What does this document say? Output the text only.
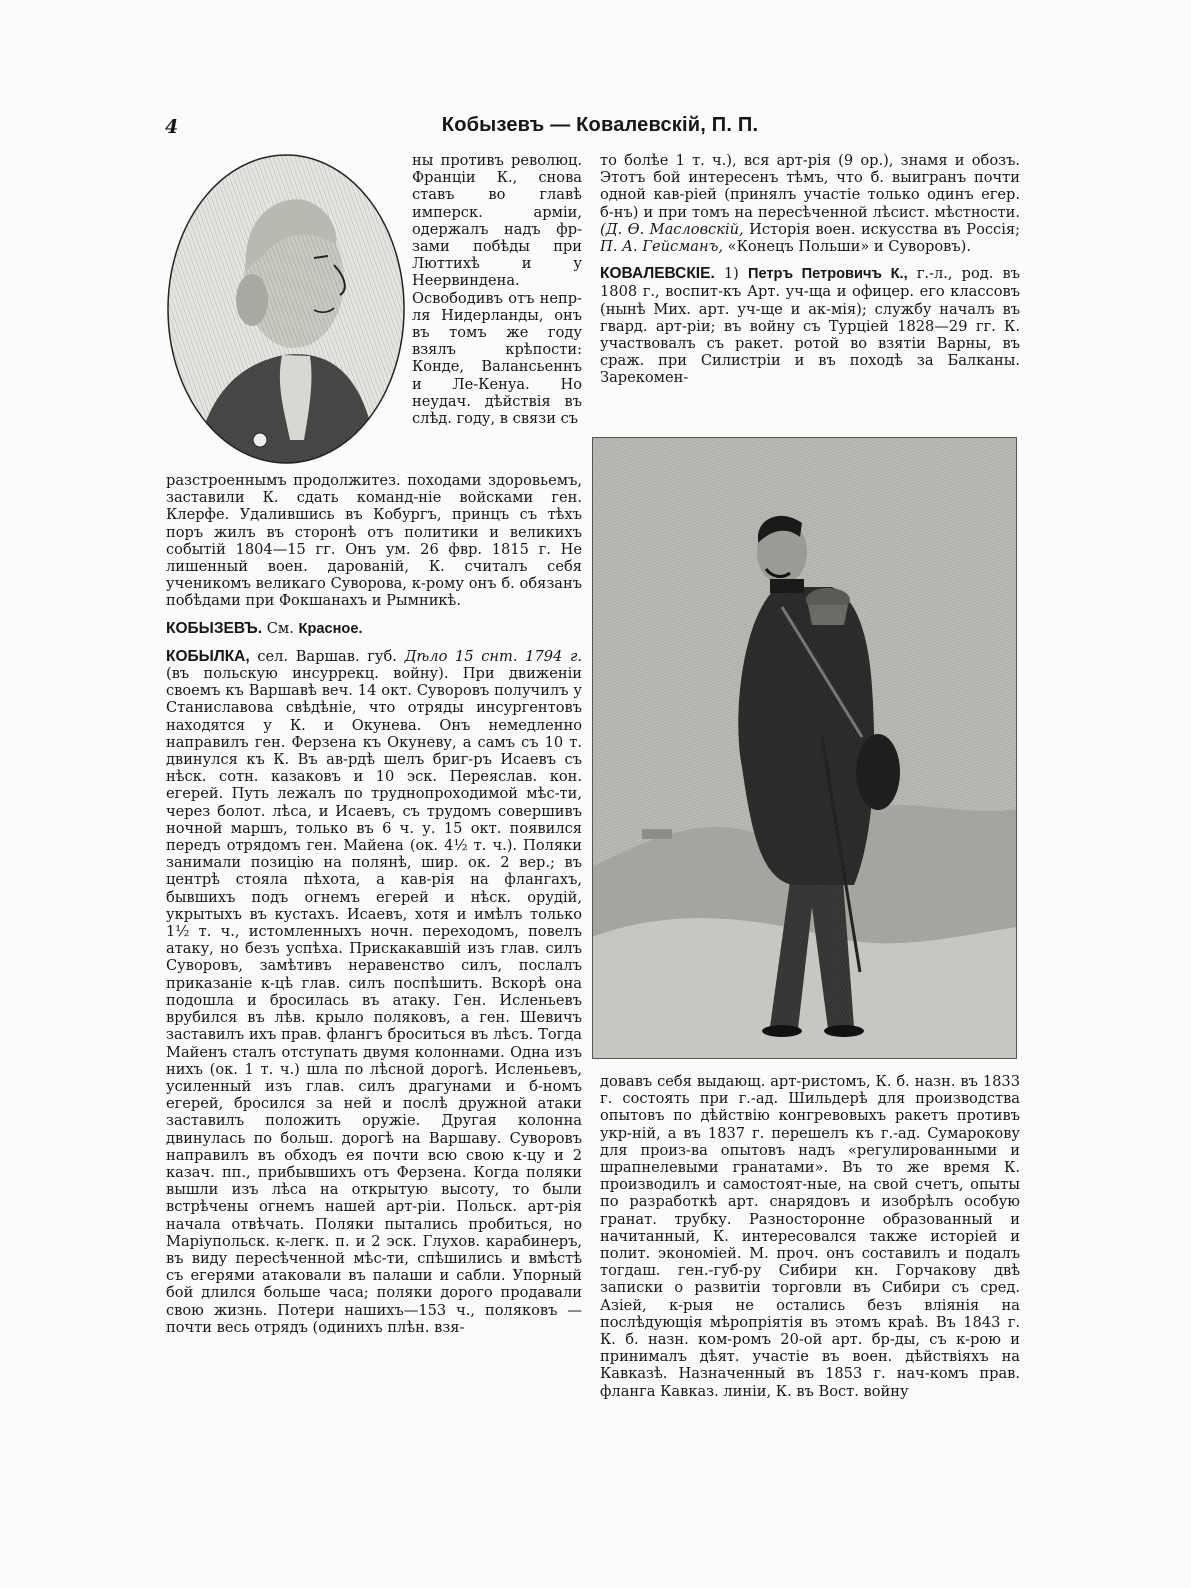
4	Кобызевъ — Ковалевскій, П. П.

ны противъ революц. Франціи К., снова ставъ во главѣ имперск. арміи, одержалъ надъ фр-зами побѣды при Люттихѣ и у Неервиндена. Освободивъ отъ непр-ля Нидерланды, онъ въ томъ же году взялъ крѣпости: Конде, Валансьеннъ и Ле-Кенуа. Но неудач. дѣйствія въ слѣд. году, в связи съ

разстроеннымъ продолжитез. походами здоровьемъ, заставили К. сдать команд-ніе войсками ген. Клерфе. Удалившись въ Кобургъ, принцъ съ тѣхъ поръ жилъ въ сторонѣ отъ политики и великихъ событій 1804—15 гг. Онъ ум. 26 фвр. 1815 г. Не лишенный воен. дарованій, К. считалъ себя ученикомъ великаго Суворова, к-рому онъ б. обязанъ побѣдами при Фокшанахъ и Рымникѣ.

КОБЫЗЕВЪ. См. Красное.

КОБЫЛКА, сел. Варшав. губ. Дѣло 15 снт. 1794 г. (въ польскую инсуррекц. войну). При движеніи своемъ къ Варшавѣ веч. 14 окт. Суворовъ получилъ у Станиславова свѣдѣніе, что отряды инсургентовъ находятся у К. и Окунева. Онъ немедленно направилъ ген. Ферзена къ Окуневу, а самъ съ 10 т. двинулся къ К. Въ ав-рдѣ шелъ бриг-ръ Исаевъ съ нѣск. сотн. казаковъ и 10 эск. Переяслав. кон. егерей. Путь лежалъ по труднопроходимой мѣс-ти, через болот. лѣса, и Исаевъ, съ трудомъ совершивъ ночной маршъ, только въ 6 ч. у. 15 окт. появился передъ отрядомъ ген. Майена (ок. 4½ т. ч.). Поляки занимали позицію на полянѣ, шир. ок. 2 вер.; въ центрѣ стояла пѣхота, а кав-рія на флангахъ, бывшихъ подъ огнемъ егерей и нѣск. орудій, укрытыхъ въ кустахъ. Исаевъ, хотя и имѣлъ только 1½ т. ч., истомленныхъ ночн. переходомъ, повелъ атаку, но безъ успѣха. Прискакавшій изъ глав. силъ Суворовъ, замѣтивъ неравенство силъ, послалъ приказаніе к-цѣ глав. силъ поспѣшить. Вскорѣ она подошла и бросилась въ атаку. Ген. Исленьевъ врубился въ лѣв. крыло поляковъ, а ген. Шевичъ заставилъ ихъ прав. флангъ броситься въ лѣсъ. Тогда Майенъ сталъ отступать двумя колоннами. Одна изъ нихъ (ок. 1 т. ч.) шла по лѣсной дорогѣ. Исленьевъ, усиленный изъ глав. силъ драгунами и б-номъ егерей, бросился за ней и послѣ дружной атаки заставилъ положить оружіе. Другая колонна двинулась по больш. дорогѣ на Варшаву. Суворовъ направилъ въ обходъ ея почти всю свою к-цу и 2 казач. пп., прибывшихъ отъ Ферзена. Когда поляки вышли изъ лѣса на открытую высоту, то были встрѣчены огнемъ нашей арт-ріи. Польск. арт-рія начала отвѣчать. Поляки пытались пробиться, но Маріупольск. к-легк. п. и 2 эск. Глухов. карабинеръ, въ виду пересѣченной мѣс-ти, спѣшились и вмѣстѣ съ егерями атаковали въ палаши и сабли. Упорный бой длился больше часа; поляки дорого продавали свою жизнь. Потери нашихъ—153 ч., поляковъ —почти весь отрядъ (одинихъ плѣн. взя-

то болѣе 1 т. ч.), вся арт-рія (9 ор.), знамя и обозъ. Этотъ бой интересенъ тѣмъ, что б. выигранъ почти одной кав-ріей (принялъ участіе только одинъ егер. б-нъ) и при томъ на пересѣченной лѣсист. мѣстности. (Д. Ѳ. Масловскій, Исторія воен. искусства въ Россія; П. А. Гейсманъ, «Конецъ Польши» и Суворовъ).

КОВАЛЕВСКІЕ. 1) Петръ Петровичъ К., г.-л., род. въ 1808 г., воспит-къ Арт. уч-ща и офицер. его классовъ (нынѣ Мих. арт. уч-ще и ак-мія); службу началъ въ гвард. арт-ріи; въ войну съ Турціей 1828—29 гг. К. участвовалъ съ ракет. ротой во взятіи Варны, въ сраж. при Силистріи и въ походѣ за Балканы. Зарекомен-

довавъ себя выдающ. арт-ристомъ, К. б. назн. въ 1833 г. состоять при г.-ад. Шильдерѣ для производства опытовъ по дѣйствію конгревовыхъ ракетъ противъ укр-ній, а въ 1837 г. перешелъ къ г.-ад. Сумарокову для произ-ва опытовъ надъ «регулированными и шрапнелевыми гранатами». Въ то же время К. производилъ и самостоят-ные, на свой счетъ, опыты по разработкѣ арт. снарядовъ и изобрѣлъ особую гранат. трубку. Разносторонне образованный и начитанный, К. интересовался также исторіей и полит. экономіей. М. проч. онъ составилъ и подалъ тогдаш. ген.-губ-ру Сибири кн. Горчакову двѣ записки о развитіи торговли въ Сибири съ сред. Азіей, к-рыя не остались безъ вліянія на послѣдующія мѣропріятія въ этомъ краѣ. Въ 1843 г. К. б. назн. ком-ромъ 20-ой арт. бр-ды, съ к-рою и принималъ дѣят. участіе въ воен. дѣйствіяхъ на Кавказѣ. Назначенный въ 1853 г. нач-комъ прав. фланга Кавказ. линіи, К. въ Вост. войну
